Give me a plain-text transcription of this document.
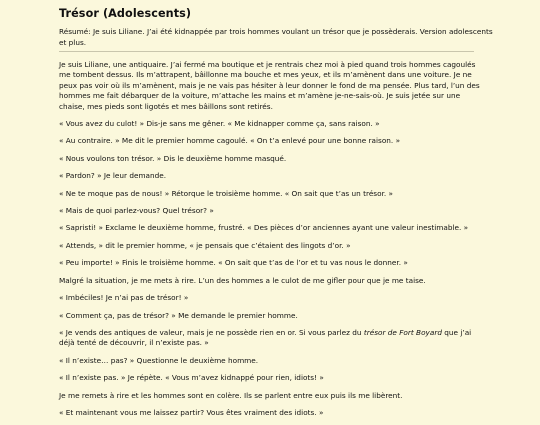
Trésor (Adolescents)

Résumé: Je suis Liliane. J’ai été kidnappée par trois hommes voulant un trésor que je possèderais. Version adolescents et plus.

Je suis Liliane, une antiquaire. J’ai fermé ma boutique et je rentrais chez moi à pied quand trois hommes cagoulés me tombent dessus. Ils m’attrapent, bâillonne ma bouche et mes yeux, et ils m’amènent dans une voiture. Je ne peux pas voir où ils m’amènent, mais je ne vais pas hésiter à leur donner le fond de ma pensée. Plus tard, l’un des hommes me fait débarquer de la voiture, m’attache les mains et m’amène je-ne-sais-où. Je suis jetée sur une chaise, mes pieds sont ligotés et mes bâillons sont retirés.

« Vous avez du culot! » Dis-je sans me gêner. « Me kidnapper comme ça, sans raison. »

« Au contraire. » Me dit le premier homme cagoulé. « On t’a enlevé pour une bonne raison. »

« Nous voulons ton trésor. » Dis le deuxième homme masqué.

« Pardon? » Je leur demande.

« Ne te moque pas de nous! » Rétorque le troisième homme. « On sait que t’as un trésor. »

« Mais de quoi parlez-vous? Quel trésor? »

« Sapristi! » Exclame le deuxième homme, frustré. « Des pièces d’or anciennes ayant une valeur inestimable. »

« Attends, » dit le premier homme, « je pensais que c’étaient des lingots d’or. »

« Peu importe! » Finis le troisième homme. « On sait que t’as de l’or et tu vas nous le donner. »

Malgré la situation, je me mets à rire. L’un des hommes a le culot de me gifler pour que je me taise.

« Imbéciles! Je n’ai pas de trésor! »

« Comment ça, pas de trésor? » Me demande le premier homme.

« Je vends des antiques de valeur, mais je ne possède rien en or. Si vous parlez du trésor de Fort Boyard que j’ai déjà tenté de découvrir, il n’existe pas. »

« Il n’existe… pas? » Questionne le deuxième homme.

« Il n’existe pas. » Je répète. « Vous m’avez kidnappé pour rien, idiots! »

Je me remets à rire et les hommes sont en colère. Ils se parlent entre eux puis ils me libèrent.

« Et maintenant vous me laissez partir? Vous êtes vraiment des idiots. »
